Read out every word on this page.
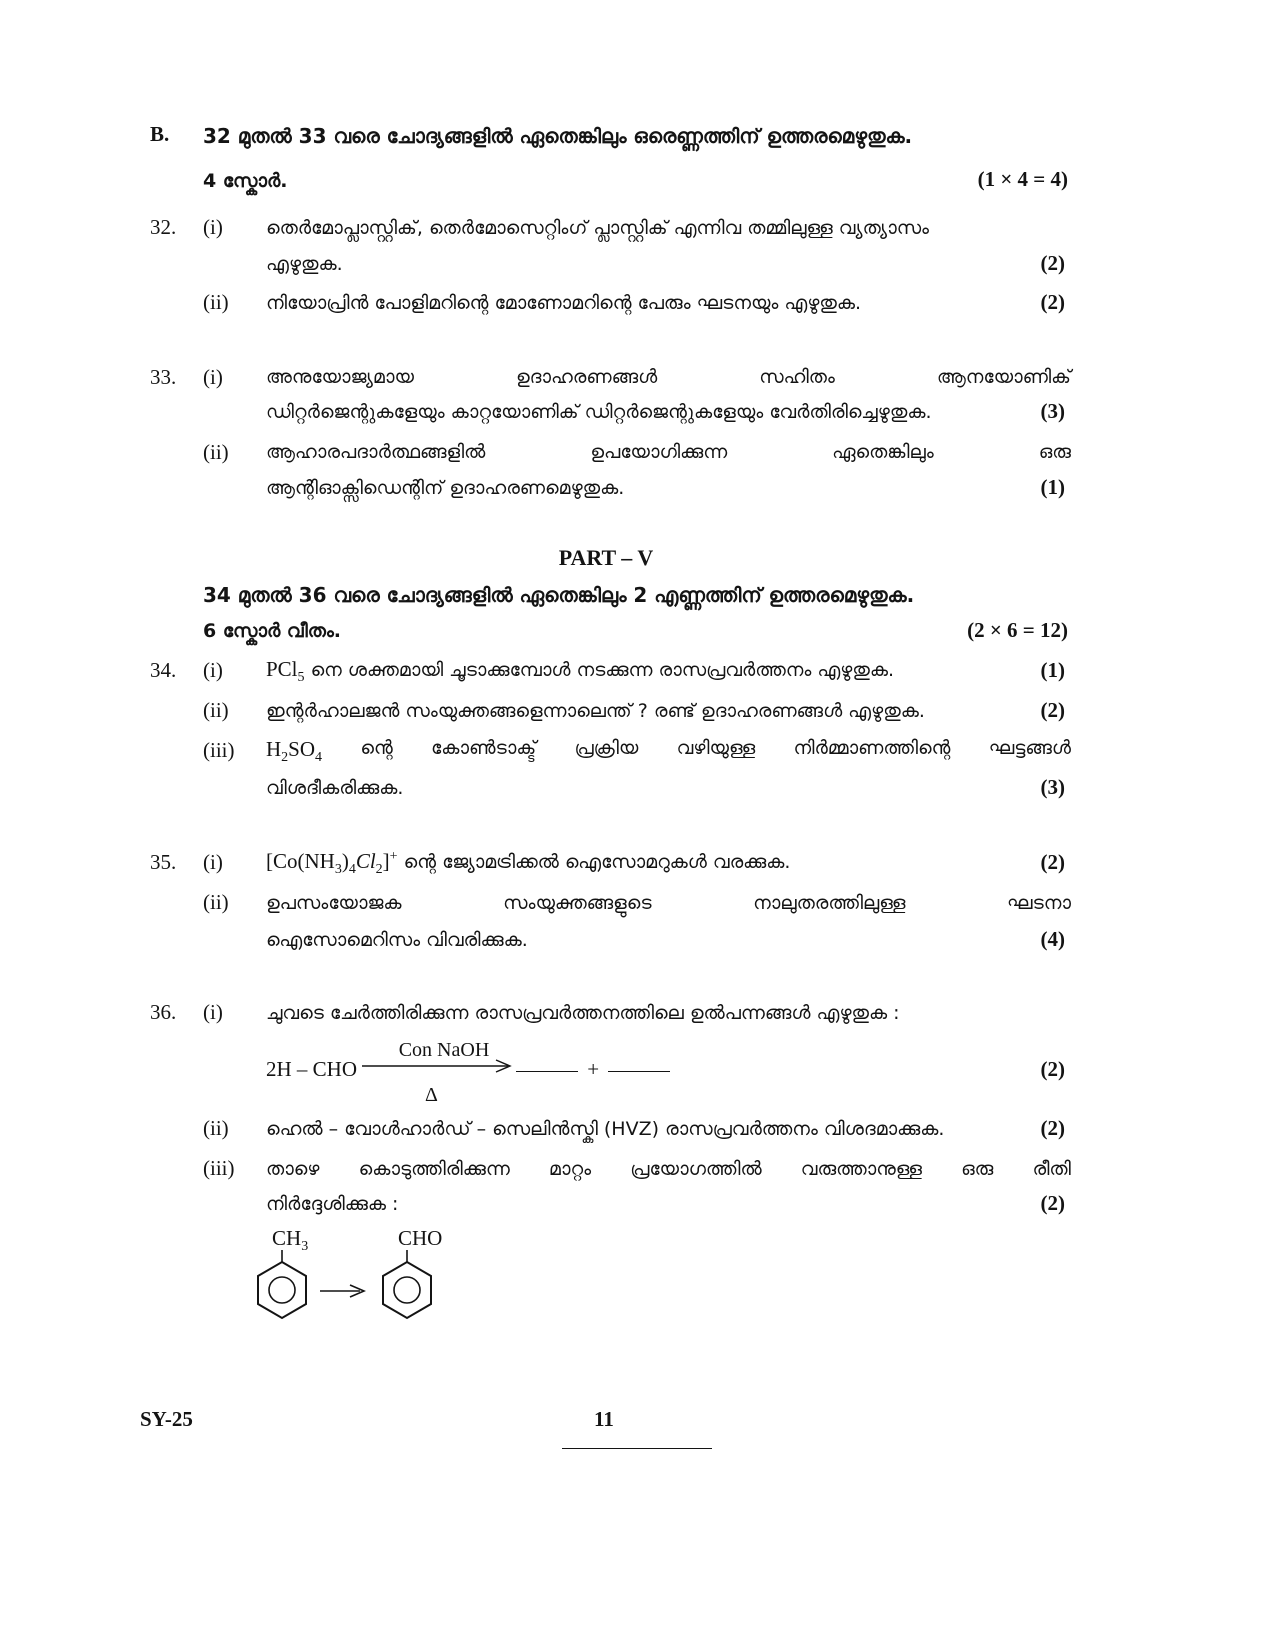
B. 32 മുതൽ 33 വരെ ചോദ്യങ്ങളിൽ ഏതെങ്കിലും ഒരെണ്ണത്തിന് ഉത്തരമെഴുതുക.
4 സ്കോർ.	(1 × 4 = 4)
32. (i) തെർമോപ്ലാസ്റ്റിക്, തെർമോസെറ്റിംഗ് പ്ലാസ്റ്റിക് എന്നിവ തമ്മിലുള്ള വ്യത്യാസം
എഴുതുക.	(2)
(ii) നിയോപ്രിൻ പോളിമറിന്റെ മോണോമറിന്റെ പേരും ഘടനയും എഴുതുക.	(2)
33. (i) അനുയോജ്യമായ	ഉദാഹരണങ്ങൾ	സഹിതം	ആനയോണിക്
ഡിറ്റർജെന്റുകളേയും കാറ്റയോണിക് ഡിറ്റർജെന്റുകളേയും വേർതിരിച്ചെഴുതുക.	(3)
(ii) ആഹാരപദാർത്ഥങ്ങളിൽ	ഉപയോഗിക്കുന്ന	ഏതെങ്കിലും	ഒരു
ആന്റിഓക്സിഡെന്റിന് ഉദാഹരണമെഴുതുക.	(1)
PART – V
34 മുതൽ 36 വരെ ചോദ്യങ്ങളിൽ ഏതെങ്കിലും 2 എണ്ണത്തിന് ഉത്തരമെഴുതുക.
6 സ്കോർ വീതം.	(2 × 6 = 12)
34. (i) PCl$_5$ നെ ശക്തമായി ചൂടാക്കുമ്പോൾ നടക്കുന്ന രാസപ്രവർത്തനം എഴുതുക.	(1)
(ii) ഇന്റർഹാലജൻ സംയുക്തങ്ങളെന്നാലെന്ത് ? രണ്ട് ഉദാഹരണങ്ങൾ എഴുതുക.	(2)
(iii) $H_2SO_4$ ന്റെ കോൺടാക്ട് പ്രക്രിയ വഴിയുള്ള നിർമ്മാണത്തിന്റെ ഘട്ടങ്ങൾ
വിശദീകരിക്കുക.	(3)
35. (i) $[Co(NH_3)_4Cl_2]^+$ ന്റെ ജ്യോമട്രിക്കൽ ഐസോമറുകൾ വരക്കുക.	(2)
(ii) ഉപസംയോജക	സംയുക്തങ്ങളുടെ	നാലുതരത്തിലുള്ള	ഘടനാ
ഐസോമെറിസം വിവരിക്കുക.	(4)
36. (i) ചുവടെ ചേർത്തിരിക്കുന്ന രാസപ്രവർത്തനത്തിലെ ഉൽപന്നങ്ങൾ എഴുതുക :
2H – CHO
Con NaOH
Δ
+	(2)
(ii) ഹെൽ – വോൾഹാർഡ് – സെലിൻസ്കി (HVZ) രാസപ്രവർത്തനം വിശദമാക്കുക.	(2)
(iii) താഴെ കൊടുത്തിരിക്കുന്ന മാറ്റം പ്രയോഗത്തിൽ വരുത്താനുള്ള ഒരു രീതി
നിർദ്ദേശിക്കുക :	(2)
$CH_3$	CHO
SY-25	11
